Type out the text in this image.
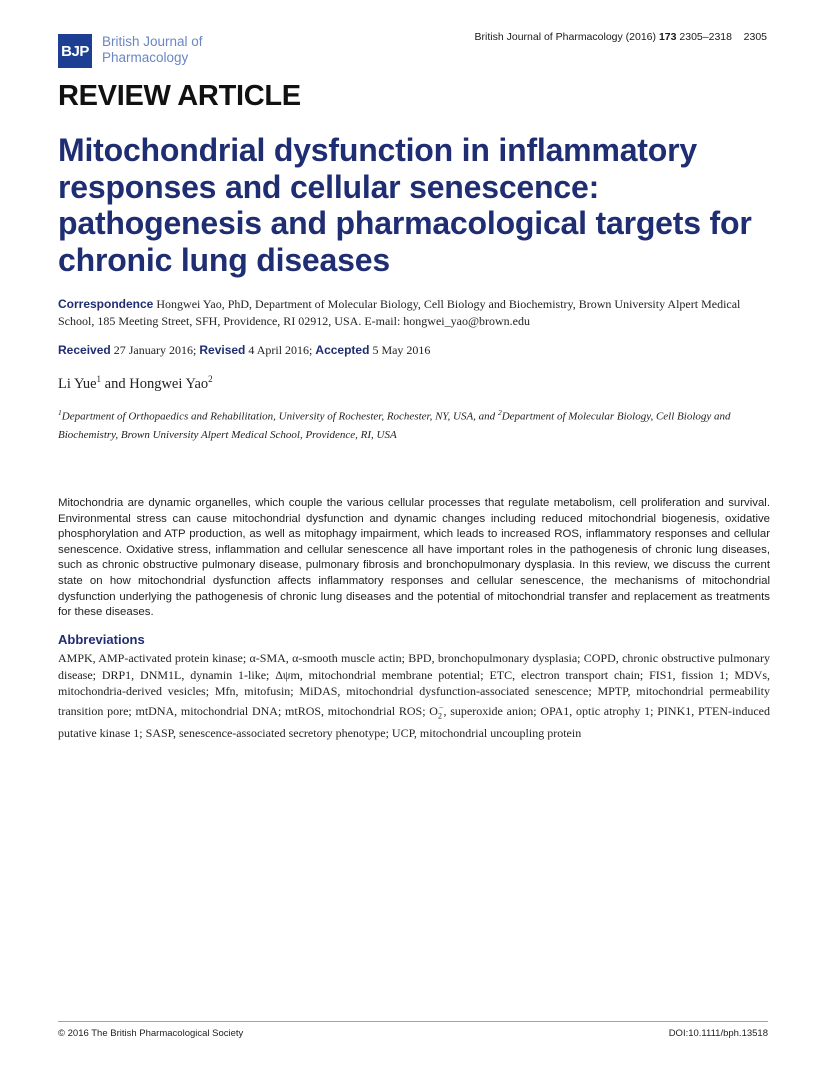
BJP
British Journal of Pharmacology
British Journal of Pharmacology (2016) 173 2305–2318 2305
REVIEW ARTICLE
Mitochondrial dysfunction in inflammatory responses and cellular senescence: pathogenesis and pharmacological targets for chronic lung diseases
Correspondence Hongwei Yao, PhD, Department of Molecular Biology, Cell Biology and Biochemistry, Brown University Alpert Medical School, 185 Meeting Street, SFH, Providence, RI 02912, USA. E-mail: hongwei_yao@brown.edu
Received 27 January 2016; Revised 4 April 2016; Accepted 5 May 2016
Li Yue$^1$ and Hongwei Yao$^2$
$^1$Department of Orthopaedics and Rehabilitation, University of Rochester, Rochester, NY, USA, and $^2$Department of Molecular Biology, Cell Biology and Biochemistry, Brown University Alpert Medical School, Providence, RI, USA
Mitochondria are dynamic organelles, which couple the various cellular processes that regulate metabolism, cell proliferation and survival. Environmental stress can cause mitochondrial dysfunction and dynamic changes including reduced mitochondrial biogenesis, oxidative phosphorylation and ATP production, as well as mitophagy impairment, which leads to increased ROS, inflammatory responses and cellular senescence. Oxidative stress, inflammation and cellular senescence all have important roles in the pathogenesis of chronic lung diseases, such as chronic obstructive pulmonary disease, pulmonary fibrosis and bronchopulmonary dysplasia. In this review, we discuss the current state on how mitochondrial dysfunction affects inflammatory responses and cellular senescence, the mechanisms of mitochondrial dysfunction underlying the pathogenesis of chronic lung diseases and the potential of mitochondrial transfer and replacement as treatments for these diseases.
Abbreviations
AMPK, AMP-activated protein kinase; α-SMA, α-smooth muscle actin; BPD, bronchopulmonary dysplasia; COPD, chronic obstructive pulmonary disease; DRP1, DNM1L, dynamin 1-like; Δψm, mitochondrial membrane potential; ETC, electron transport chain; FIS1, fission 1; MDVs, mitochondria-derived vesicles; Mfn, mitofusin; MiDAS, mitochondrial dysfunction-associated senescence; MPTP, mitochondrial permeability transition pore; mtDNA, mitochondrial DNA; mtROS, mitochondrial ROS; $O_2^-$, superoxide anion; OPA1, optic atrophy 1; PINK1, PTEN-induced putative kinase 1; SASP, senescence-associated secretory phenotype; UCP, mitochondrial uncoupling protein
© 2016 The British Pharmacological Society	DOI:10.1111/bph.13518
